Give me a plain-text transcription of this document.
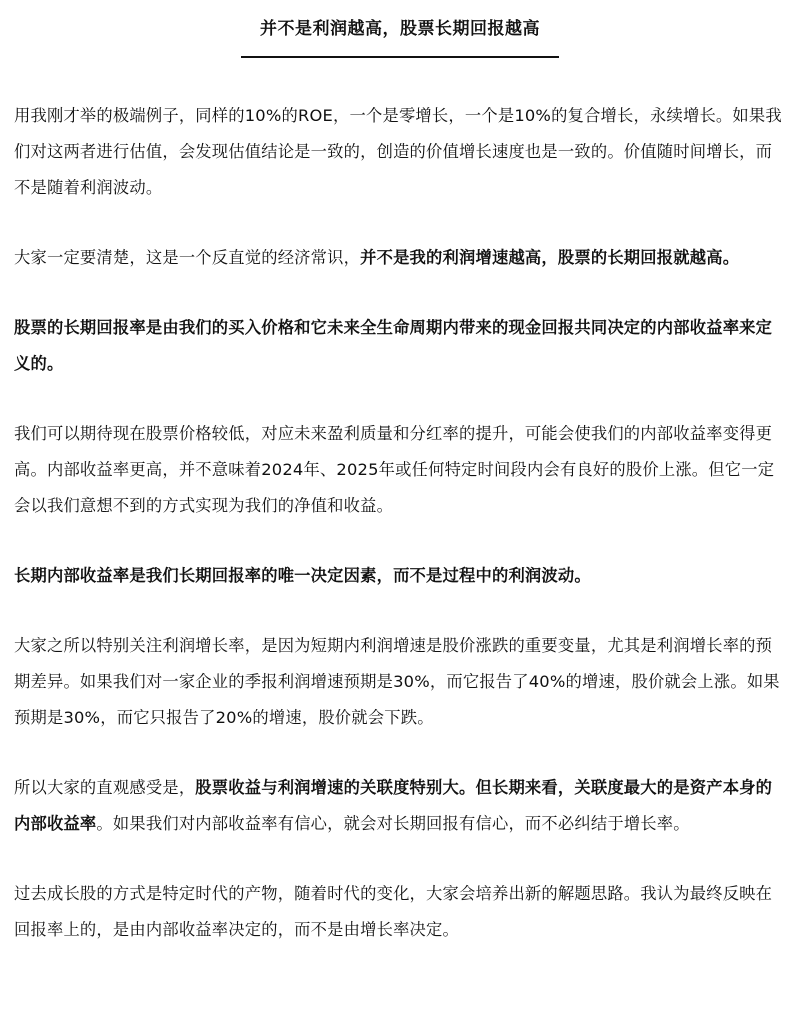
并不是利润越高，股票长期回报越高

用我刚才举的极端例子，同样的10%的ROE，一个是零增长，一个是10%的复合增长，永续增长。如果我们对这两者进行估值，会发现估值结论是一致的，创造的价值增长速度也是一致的。价值随时间增长，而不是随着利润波动。

大家一定要清楚，这是一个反直觉的经济常识，并不是我的利润增速越高，股票的长期回报就越高。

股票的长期回报率是由我们的买入价格和它未来全生命周期内带来的现金回报共同决定的内部收益率来定义的。

我们可以期待现在股票价格较低，对应未来盈利质量和分红率的提升，可能会使我们的内部收益率变得更高。内部收益率更高，并不意味着2024年、2025年或任何特定时间段内会有良好的股价上涨。但它一定会以我们意想不到的方式实现为我们的净值和收益。

长期内部收益率是我们长期回报率的唯一决定因素，而不是过程中的利润波动。

大家之所以特别关注利润增长率，是因为短期内利润增速是股价涨跌的重要变量，尤其是利润增长率的预期差异。如果我们对一家企业的季报利润增速预期是30%，而它报告了40%的增速，股价就会上涨。如果预期是30%，而它只报告了20%的增速，股价就会下跌。

所以大家的直观感受是，股票收益与利润增速的关联度特别大。但长期来看，关联度最大的是资产本身的内部收益率。如果我们对内部收益率有信心，就会对长期回报有信心，而不必纠结于增长率。

过去成长股的方式是特定时代的产物，随着时代的变化，大家会培养出新的解题思路。我认为最终反映在回报率上的，是由内部收益率决定的，而不是由增长率决定。
